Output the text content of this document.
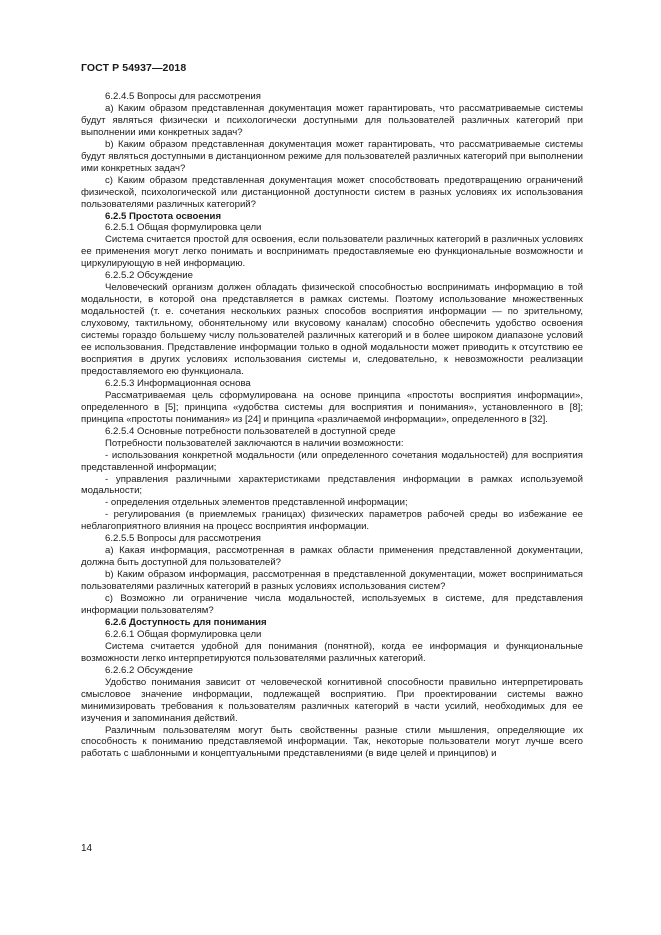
ГОСТ Р 54937—2018

6.2.4.5 Вопросы для рассмотрения

a) Каким образом представленная документация может гарантировать, что рассматриваемые системы будут являться физически и психологически доступными для пользователей различных категорий при выполнении ими конкретных задач?

b) Каким образом представленная документация может гарантировать, что рассматриваемые системы будут являться доступными в дистанционном режиме для пользователей различных категорий при выполнении ими конкретных задач?

c) Каким образом представленная документация может способствовать предотвращению ограничений физической, психологической или дистанционной доступности систем в разных условиях их использования пользователями различных категорий?

6.2.5 Простота освоения

6.2.5.1 Общая формулировка цели

Система считается простой для освоения, если пользователи различных категорий в различных условиях ее применения могут легко понимать и воспринимать предоставляемые ею функциональные возможности и циркулирующую в ней информацию.

6.2.5.2 Обсуждение

Человеческий организм должен обладать физической способностью воспринимать информацию в той модальности, в которой она представляется в рамках системы. Поэтому использование множественных модальностей (т. е. сочетания нескольких разных способов восприятия информации — по зрительному, слуховому, тактильному, обонятельному или вкусовому каналам) способно обеспечить удобство освоения системы гораздо большему числу пользователей различных категорий и в более широком диапазоне условий ее использования. Представление информации только в одной модальности может приводить к отсутствию ее восприятия в других условиях использования системы и, следовательно, к невозможности реализации предоставляемого ею функционала.

6.2.5.3 Информационная основа

Рассматриваемая цель сформулирована на основе принципа «простоты восприятия информации», определенного в [5]; принципа «удобства системы для восприятия и понимания», установленного в [8]; принципа «простоты понимания» из [24] и принципа «различаемой информации», определенного в [32].

6.2.5.4 Основные потребности пользователей в доступной среде

Потребности пользователей заключаются в наличии возможности:

- использования конкретной модальности (или определенного сочетания модальностей) для восприятия представленной информации;

- управления различными характеристиками представления информации в рамках используемой модальности;

- определения отдельных элементов представленной информации;

- регулирования (в приемлемых границах) физических параметров рабочей среды во избежание ее неблагоприятного влияния на процесс восприятия информации.

6.2.5.5 Вопросы для рассмотрения

a) Какая информация, рассмотренная в рамках области применения представленной документации, должна быть доступной для пользователей?

b) Каким образом информация, рассмотренная в представленной документации, может восприниматься пользователями различных категорий в разных условиях использования систем?

c) Возможно ли ограничение числа модальностей, используемых в системе, для представления информации пользователям?

6.2.6 Доступность для понимания

6.2.6.1 Общая формулировка цели

Система считается удобной для понимания (понятной), когда ее информация и функциональные возможности легко интерпретируются пользователями различных категорий.

6.2.6.2 Обсуждение

Удобство понимания зависит от человеческой когнитивной способности правильно интерпретировать смысловое значение информации, подлежащей восприятию. При проектировании системы важно минимизировать требования к пользователям различных категорий в части усилий, необходимых для ее изучения и запоминания действий.

Различным пользователям могут быть свойственны разные стили мышления, определяющие их способность к пониманию представляемой информации. Так, некоторые пользователи могут лучше всего работать с шаблонными и концептуальными представлениями (в виде целей и принципов) и

14
